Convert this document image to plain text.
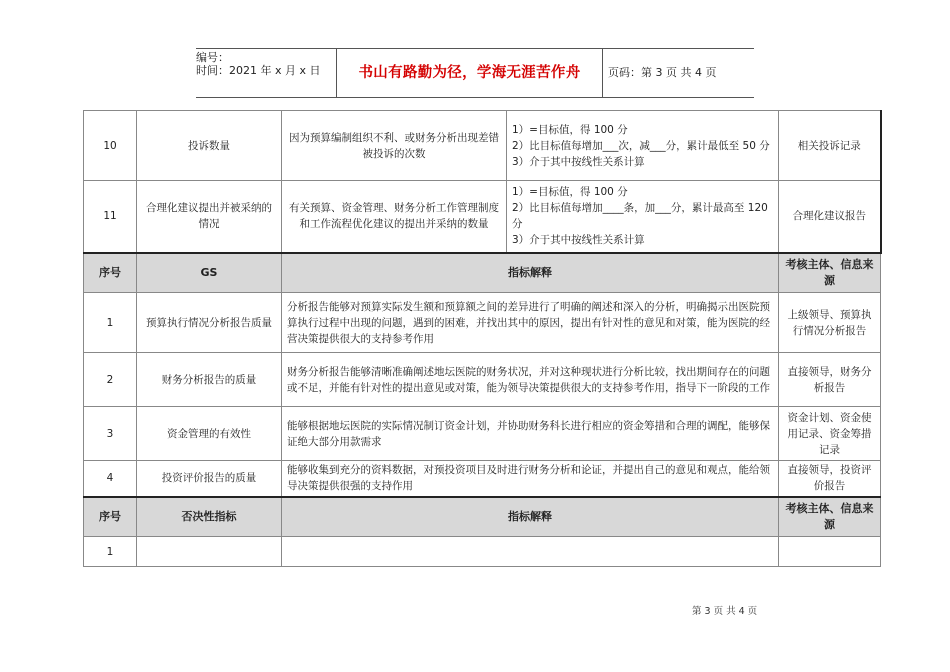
编号：
时间：2021 年 x 月 x 日	书山有路勤为径，学海无涯苦作舟	页码：第 3 页 共 4 页
10	投诉数量	因为预算编制组织不利、或财务分析出现差错被投诉的次数	1）=目标值，得 100 分
2）比目标值每增加___次，减___分，累计最低至 50 分
3）介于其中按线性关系计算	相关投诉记录
11	合理化建议提出并被采纳的情况	有关预算、资金管理、财务分析工作管理制度和工作流程优化建议的提出并采纳的数量	1）=目标值，得 100 分
2）比目标值每增加____条，加___分，累计最高至 120 分
3）介于其中按线性关系计算	合理化建议报告
序号	GS	指标解释		考核主体、信息来源
1	预算执行情况分析报告质量	分析报告能够对预算实际发生额和预算额之间的差异进行了明确的阐述和深入的分析，明确揭示出医院预算执行过程中出现的问题，遇到的困难，并找出其中的原因，提出有针对性的意见和对策，能为医院的经营决策提供很大的支持参考作用		上级领导、预算执行情况分析报告
2	财务分析报告的质量	财务分析报告能够清晰准确阐述地坛医院的财务状况，并对这种现状进行分析比较，找出期间存在的问题或不足，并能有针对性的提出意见或对策，能为领导决策提供很大的支持参考作用，指导下一阶段的工作		直接领导，财务分析报告
3	资金管理的有效性	能够根据地坛医院的实际情况制订资金计划，并协助财务科长进行相应的资金筹措和合理的调配，能够保证绝大部分用款需求		资金计划、资金使用记录、资金筹措记录
4	投资评价报告的质量	能够收集到充分的资料数据，对预投资项目及时进行财务分析和论证，并提出自己的意见和观点，能给领导决策提供很强的支持作用		直接领导，投资评价报告
序号	否决性指标	指标解释		考核主体、信息来源
1				
第 3 页 共 4 页
